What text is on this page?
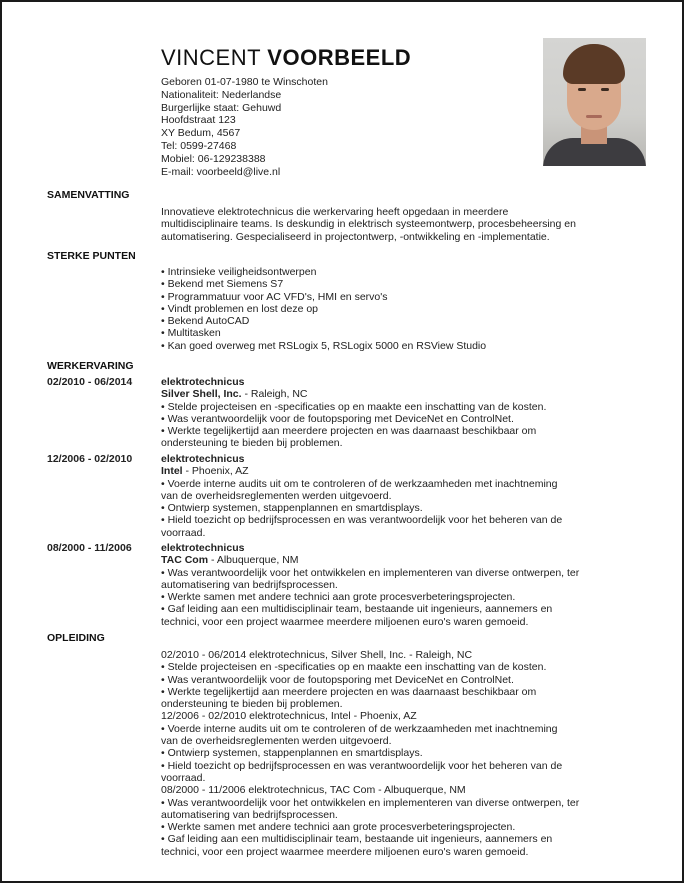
VINCENT VOORBEELD
Geboren 01-07-1980 te Winschoten
Nationaliteit: Nederlandse
Burgerlijke staat: Gehuwd
Hoofdstraat 123
XY Bedum, 4567
Tel: 0599-27468
Mobiel: 06-129238388
E-mail: voorbeeld@live.nl
SAMENVATTING
Innovatieve elektrotechnicus die werkervaring heeft opgedaan in meerdere
multidisciplinaire teams. Is deskundig in elektrisch systeemontwerp, procesbeheersing en
automatisering. Gespecialiseerd in projectontwerp, -ontwikkeling en -implementatie.
STERKE PUNTEN
• Intrinsieke veiligheidsontwerpen
• Bekend met Siemens S7
• Programmatuur voor AC VFD's, HMI en servo's
• Vindt problemen en lost deze op
• Bekend AutoCAD
• Multitasken
• Kan goed overweg met RSLogix 5, RSLogix 5000 en RSView Studio
WERKERVARING
02/2010 - 06/2014	elektrotechnicus
Silver Shell, Inc. - Raleigh, NC
• Stelde projecteisen en -specificaties op en maakte een inschatting van de kosten.
• Was verantwoordelijk voor de foutopsporing met DeviceNet en ControlNet.
• Werkte tegelijkertijd aan meerdere projecten en was daarnaast beschikbaar om
ondersteuning te bieden bij problemen.
12/2006 - 02/2010	elektrotechnicus
Intel - Phoenix, AZ
• Voerde interne audits uit om te controleren of de werkzaamheden met inachtneming
van de overheidsreglementen werden uitgevoerd.
• Ontwierp systemen, stappenplannen en smartdisplays.
• Hield toezicht op bedrijfsprocessen en was verantwoordelijk voor het beheren van de
voorraad.
08/2000 - 11/2006	elektrotechnicus
TAC Com - Albuquerque, NM
• Was verantwoordelijk voor het ontwikkelen en implementeren van diverse ontwerpen, ter
automatisering van bedrijfsprocessen.
• Werkte samen met andere technici aan grote procesverbeteringsprojecten.
• Gaf leiding aan een multidisciplinair team, bestaande uit ingenieurs, aannemers en
technici, voor een project waarmee meerdere miljoenen euro's waren gemoeid.
OPLEIDING
02/2010 - 06/2014 elektrotechnicus, Silver Shell, Inc. - Raleigh, NC
• Stelde projecteisen en -specificaties op en maakte een inschatting van de kosten.
• Was verantwoordelijk voor de foutopsporing met DeviceNet en ControlNet.
• Werkte tegelijkertijd aan meerdere projecten en was daarnaast beschikbaar om
ondersteuning te bieden bij problemen.
12/2006 - 02/2010 elektrotechnicus, Intel - Phoenix, AZ
• Voerde interne audits uit om te controleren of de werkzaamheden met inachtneming
van de overheidsreglementen werden uitgevoerd.
• Ontwierp systemen, stappenplannen en smartdisplays.
• Hield toezicht op bedrijfsprocessen en was verantwoordelijk voor het beheren van de
voorraad.
08/2000 - 11/2006 elektrotechnicus, TAC Com - Albuquerque, NM
• Was verantwoordelijk voor het ontwikkelen en implementeren van diverse ontwerpen, ter
automatisering van bedrijfsprocessen.
• Werkte samen met andere technici aan grote procesverbeteringsprojecten.
• Gaf leiding aan een multidisciplinair team, bestaande uit ingenieurs, aannemers en
technici, voor een project waarmee meerdere miljoenen euro's waren gemoeid.
